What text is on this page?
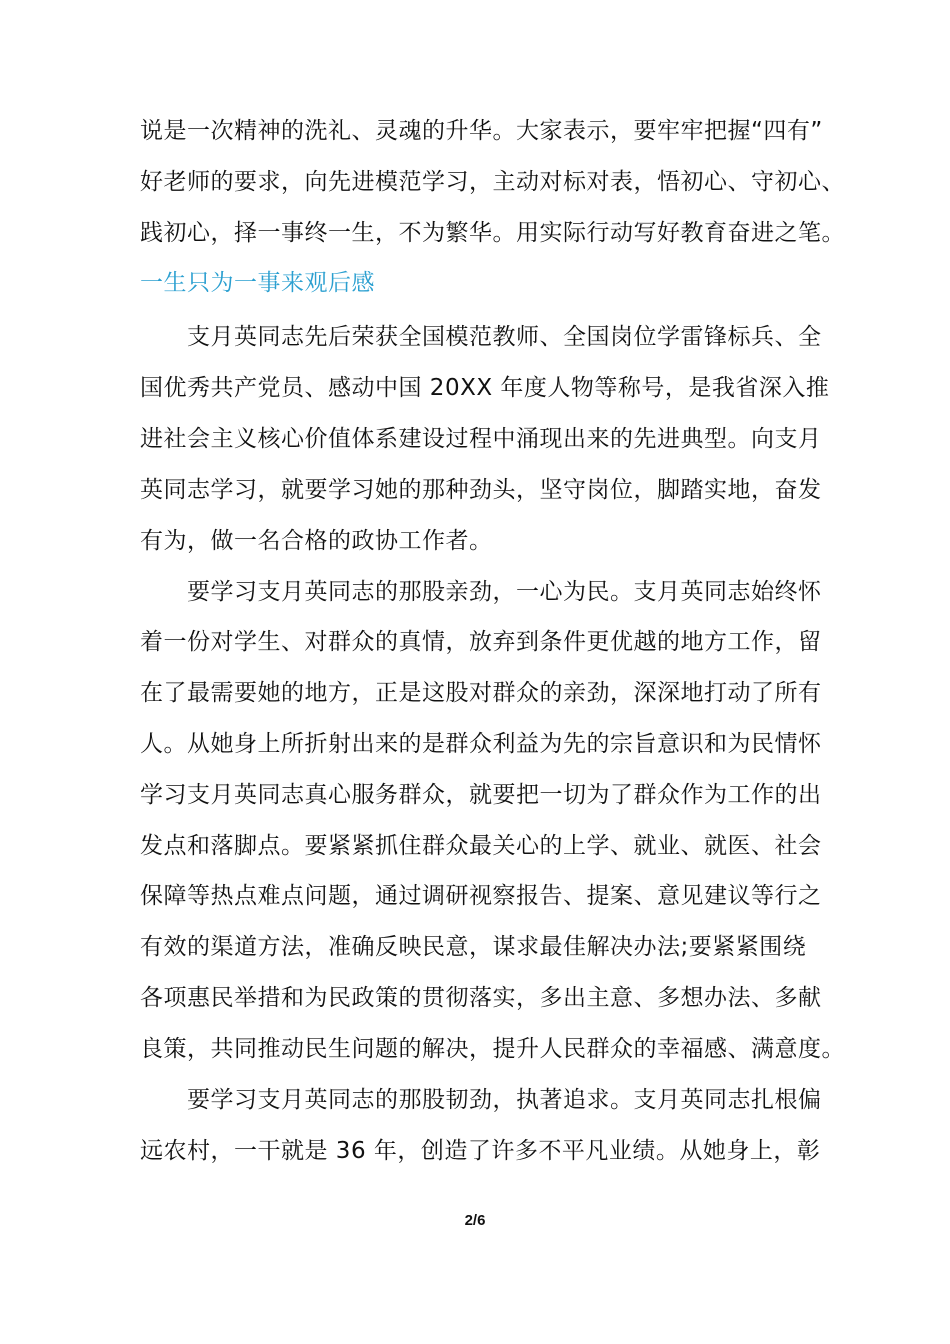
说是一次精神的洗礼、灵魂的升华。大家表示，要牢牢把握“四有”
好老师的要求，向先进模范学习，主动对标对表，悟初心、守初心、
践初心，择一事终一生，不为繁华。用实际行动写好教育奋进之笔。
一生只为一事来观后感
　　支月英同志先后荣获全国模范教师、全国岗位学雷锋标兵、全
国优秀共产党员、感动中国 20XX 年度人物等称号，是我省深入推
进社会主义核心价值体系建设过程中涌现出来的先进典型。向支月
英同志学习，就要学习她的那种劲头，坚守岗位，脚踏实地，奋发
有为，做一名合格的政协工作者。
　　要学习支月英同志的那股亲劲，一心为民。支月英同志始终怀
着一份对学生、对群众的真情，放弃到条件更优越的地方工作，留
在了最需要她的地方，正是这股对群众的亲劲，深深地打动了所有
人。从她身上所折射出来的是群众利益为先的宗旨意识和为民情怀
学习支月英同志真心服务群众，就要把一切为了群众作为工作的出
发点和落脚点。要紧紧抓住群众最关心的上学、就业、就医、社会
保障等热点难点问题，通过调研视察报告、提案、意见建议等行之
有效的渠道方法，准确反映民意，谋求最佳解决办法;要紧紧围绕
各项惠民举措和为民政策的贯彻落实，多出主意、多想办法、多献
良策，共同推动民生问题的解决，提升人民群众的幸福感、满意度。
　　要学习支月英同志的那股韧劲，执著追求。支月英同志扎根偏
远农村，一干就是 36 年，创造了许多不平凡业绩。从她身上，彰
2/6
